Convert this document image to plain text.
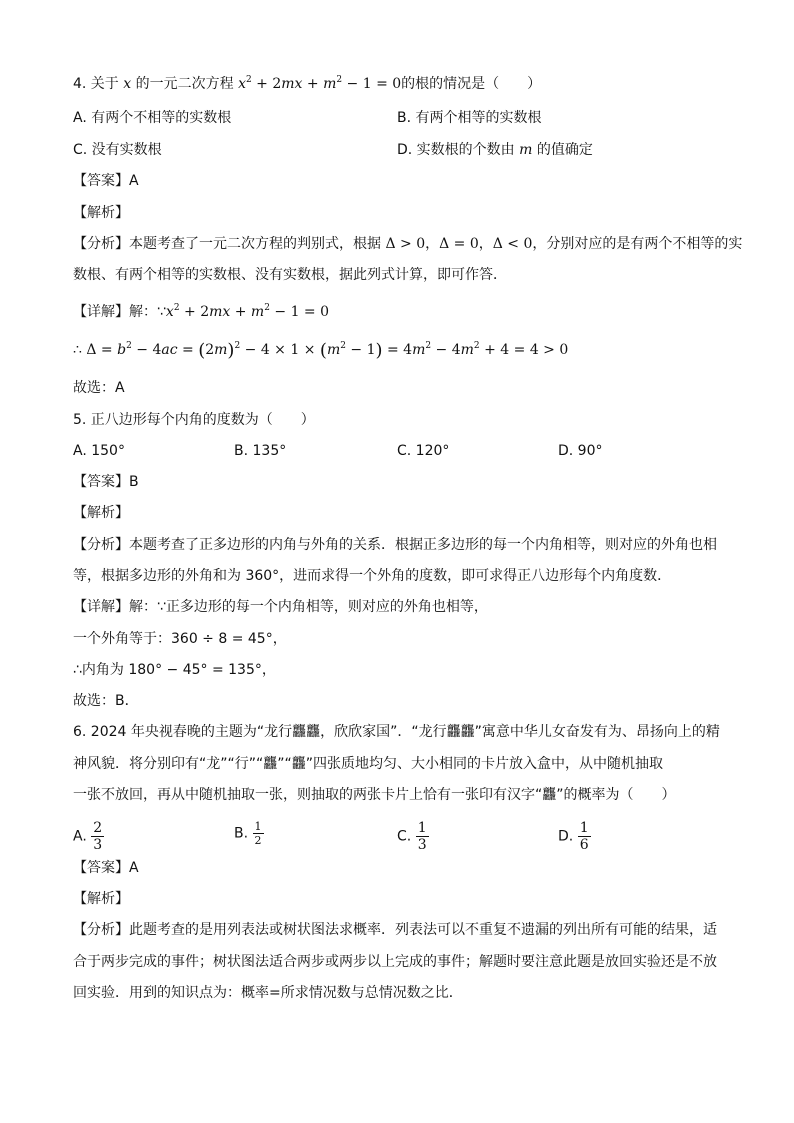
4. 关于 x 的一元二次方程 $x^2 + 2mx + m^2 - 1 = 0$的根的情况是（　　）
A. 有两个不相等的实数根	B. 有两个相等的实数根
C. 没有实数根	D. 实数根的个数由 m 的值确定
【答案】A
【解析】
【分析】本题考查了一元二次方程的判别式，根据 Δ > 0，Δ = 0，Δ < 0，分别对应的是有两个不相等的实
数根、有两个相等的实数根、没有实数根，据此列式计算，即可作答．
【详解】解：$\because x^2 + 2mx + m^2 - 1 = 0$
∴ $\Delta = b^2 - 4ac = (2m)^2 - 4 \times 1 \times (m^2 - 1) = 4m^2 - 4m^2 + 4 = 4 > 0$
故选：A
5. 正八边形每个内角的度数为（　　）
A. 150°	B. 135°	C. 120°	D. 90°
【答案】B
【解析】
【分析】本题考查了正多边形的内角与外角的关系．根据正多边形的每一个内角相等，则对应的外角也相
等，根据多边形的外角和为 360°，进而求得一个外角的度数，即可求得正八边形每个内角度数．
【详解】解：∵正多边形的每一个内角相等，则对应的外角也相等，
一个外角等于：360 ÷ 8 = 45°，
∴内角为 180° − 45° = 135°，
故选：B．
6. 2024 年央视春晚的主题为“龙行龘龘，欣欣家国”．“龙行龘龘”寓意中华儿女奋发有为、昂扬向上的精
神风貌．将分别印有“龙”“行”“龘”“龘”四张质地均匀、大小相同的卡片放入盒中，从中随机抽取
一张不放回，再从中随机抽取一张，则抽取的两张卡片上恰有一张印有汉字“龘”的概率为（　　）
A. $\frac{2}{3}$	B. $\frac{1}{2}$	C. $\frac{1}{3}$	D. $\frac{1}{6}$
【答案】A
【解析】
【分析】此题考查的是用列表法或树状图法求概率．列表法可以不重复不遗漏的列出所有可能的结果，适
合于两步完成的事件；树状图法适合两步或两步以上完成的事件；解题时要注意此题是放回实验还是不放
回实验．用到的知识点为：概率=所求情况数与总情况数之比．
